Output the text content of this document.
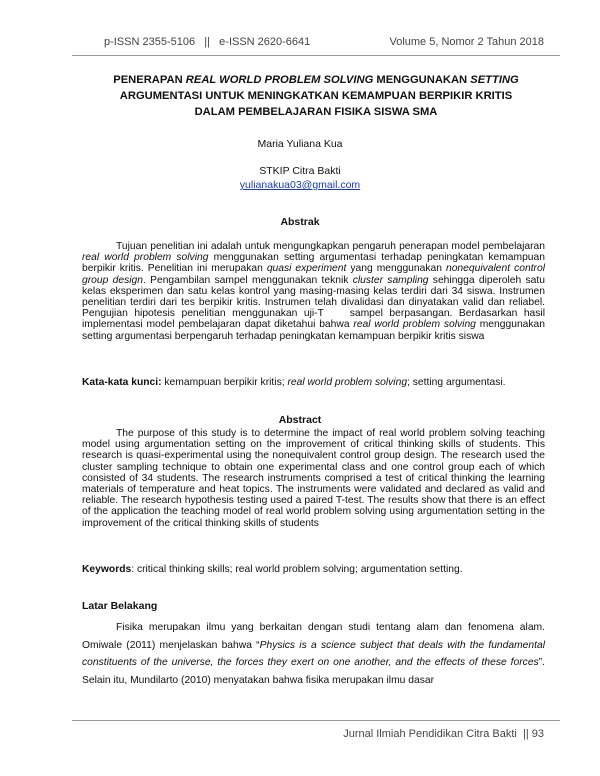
p-ISSN 2355-5106   ||   e-ISSN 2620-6641	Volume 5, Nomor 2 Tahun 2018
PENERAPAN REAL WORLD PROBLEM SOLVING MENGGUNAKAN SETTING
ARGUMENTASI UNTUK MENINGKATKAN KEMAMPUAN BERPIKIR KRITIS
DALAM PEMBELAJARAN FISIKA SISWA SMA
Maria Yuliana Kua
STKIP Citra Bakti
yulianakua03@gmail.com
Abstrak
Tujuan penelitian ini adalah untuk mengungkapkan pengaruh penerapan model pembelajaran real world problem solving menggunakan setting argumentasi terhadap peningkatan kemampuan berpikir kritis. Penelitian ini merupakan quasi experiment yang menggunakan nonequivalent control group design. Pengambilan sampel menggunakan teknik cluster sampling sehingga diperoleh satu kelas eksperimen dan satu kelas kontrol yang masing-masing kelas terdiri dari 34 siswa. Instrumen penelitian terdiri dari tes berpikir kritis. Instrumen telah divalidasi dan dinyatakan valid dan reliabel. Pengujian hipotesis penelitian menggunakan uji-T    sampel berpasangan. Berdasarkan hasil implementasi model pembelajaran dapat diketahui bahwa real world problem solving menggunakan setting argumentasi berpengaruh terhadap peningkatan kemampuan berpikir kritis siswa
Kata-kata kunci: kemampuan berpikir kritis; real world problem solving; setting argumentasi.
Abstract
The purpose of this study is to determine the impact of real world problem solving teaching model using argumentation setting on the improvement of critical thinking skills of students. This research is quasi-experimental using the nonequivalent control group design. The research used the cluster sampling technique to obtain one experimental class and one control group each of which consisted of 34 students. The research instruments comprised a test of critical thinking the learning materials of temperature and heat topics. The instruments were validated and declared as valid and reliable. The research hypothesis testing used a paired T-test. The results show that there is an effect of the application the teaching model of real world problem solving using argumentation setting in the improvement of the critical thinking skills of students
Keywords: critical thinking skills; real world problem solving; argumentation setting.
Latar Belakang
Fisika merupakan ilmu yang berkaitan dengan studi tentang alam dan fenomena alam. Omiwale (2011) menjelaskan bahwa “Physics is a science subject that deals with the fundamental constituents of the universe, the forces they exert on one another, and the effects of these forces”. Selain itu, Mundilarto (2010) menyatakan bahwa fisika merupakan ilmu dasar
Jurnal Ilmiah Pendidikan Citra Bakti  || 93
